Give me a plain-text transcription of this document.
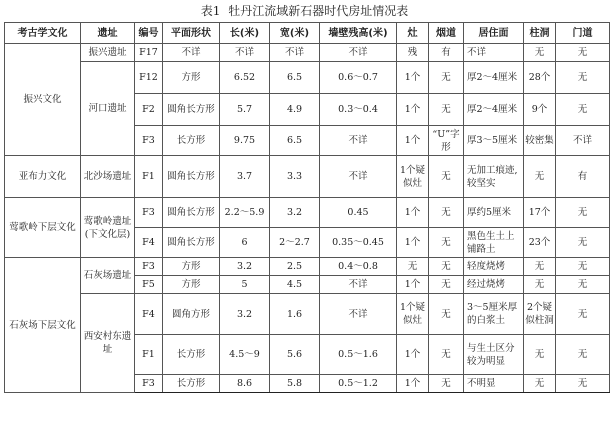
表1 牡丹江流域新石器时代房址情况表
考古学文化	遗址	编号	平面形状	长(米)	宽(米)	墙壁残高(米)	灶	烟道	居住面	柱洞	门道
振兴文化	振兴遗址	F17	不详	不详	不详	不详	残	有	不详	无	无
	河口遗址	F12	方形	6.52	6.5	0.6～0.7	1个	无	厚2～4厘米	28个	无
		F2	圆角长方形	5.7	4.9	0.3～0.4	1个	无	厚2～4厘米	9个	无
		F3	长方形	9.75	6.5	不详	1个	“U”字形	厚3～5厘米	较密集	不详
亚布力文化	北沙场遗址	F1	圆角长方形	3.7	3.3	不详	1个疑似灶	无	无加工痕迹,较坚实	无	有
莺歌岭下层文化	莺歌岭遗址(下文化层)	F3	圆角长方形	2.2～5.9	3.2	0.45	1个	无	厚约5厘米	17个	无
		F4	圆角长方形	6	2～2.7	0.35～0.45	1个	无	黑色生土上铺路土	23个	无
石灰场下层文化	石灰场遗址	F3	方形	3.2	2.5	0.4～0.8	无	无	轻度烧烤	无	无
		F5	方形	5	4.5	不详	1个	无	经过烧烤	无	无
	西安村东遗址	F4	圆角方形	3.2	1.6	不详	1个疑似灶	无	3～5厘米厚的白浆土	2个疑似柱洞	无
		F1	长方形	4.5～9	5.6	0.5～1.6	1个	无	与生土区分较为明显	无	无
		F3	长方形	8.6	5.8	0.5～1.2	1个	无	不明显	无	无
